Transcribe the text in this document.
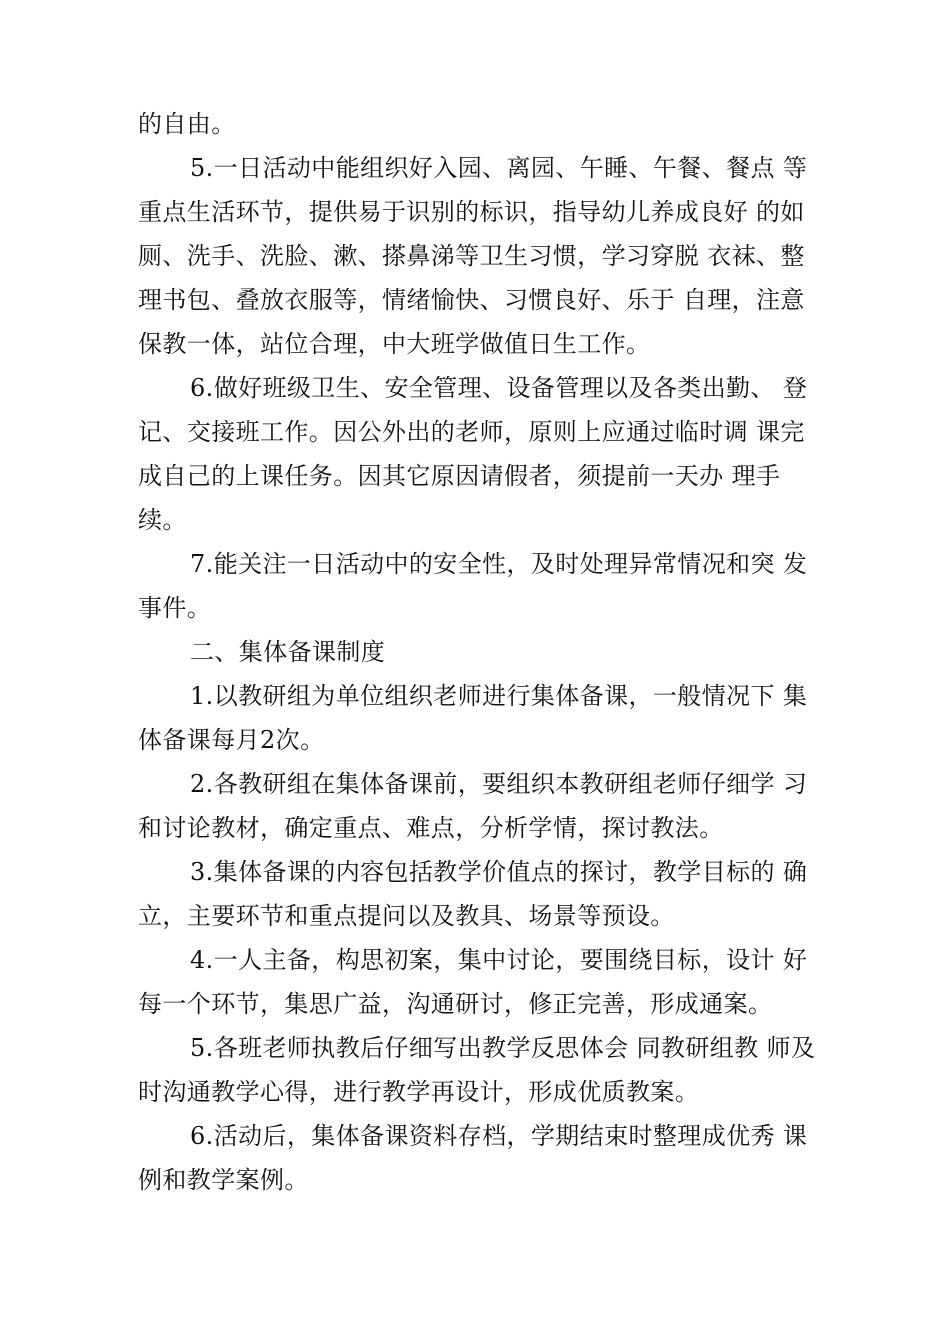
的自由。

5.一日活动中能组织好入园、离园、午睡、午餐、餐点 等
重点生活环节，提供易于识别的标识，指导幼儿养成良好 的如
厕、洗手、洗脸、漱、搽鼻涕等卫生习惯，学习穿脱 衣袜、整
理书包、叠放衣服等，情绪愉快、习惯良好、乐于 自理，注意
保教一体，站位合理，中大班学做值日生工作。

6.做好班级卫生、安全管理、设备管理以及各类出勤、 登
记、交接班工作。因公外出的老师，原则上应通过临时调 课完
成自己的上课任务。因其它原因请假者，须提前一天办 理手
续。

7.能关注一日活动中的安全性，及时处理异常情况和突 发
事件。

二、集体备课制度

1.以教研组为单位组织老师进行集体备课，一般情况下 集
体备课每月2次。

2.各教研组在集体备课前，要组织本教研组老师仔细学 习
和讨论教材，确定重点、难点，分析学情，探讨教法。

3.集体备课的内容包括教学价值点的探讨，教学目标的 确
立，主要环节和重点提问以及教具、场景等预设。

4.一人主备，构思初案，集中讨论，要围绕目标，设计 好
每一个环节，集思广益，沟通研讨，修正完善，形成通案。

5.各班老师执教后仔细写出教学反思体会 同教研组教 师及
时沟通教学心得，进行教学再设计，形成优质教案。

6.活动后，集体备课资料存档，学期结束时整理成优秀 课
例和教学案例。
